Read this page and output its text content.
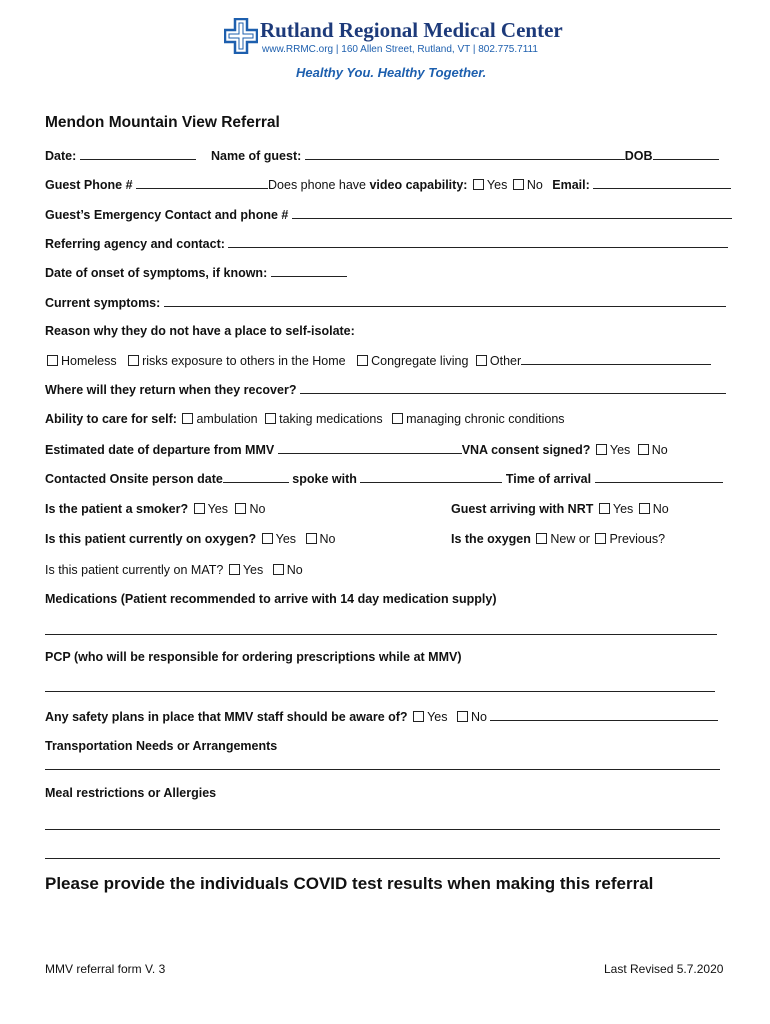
Rutland Regional Medical Center
www.RRMC.org | 160 Allen Street, Rutland, VT | 802.775.7111
Healthy You. Healthy Together.
Mendon Mountain View Referral
Date:	Name of guest:	DOB
Guest Phone #	Does phone have video capability: Yes No Email:
Guest’s Emergency Contact and phone #
Referring agency and contact:
Date of onset of symptoms, if known:
Current symptoms:
Reason why they do not have a place to self-isolate:
Homeless risks exposure to others in the Home Congregate living Other
Where will they return when they recover?
Ability to care for self: ambulation taking medications managing chronic conditions
Estimated date of departure from MMV	VNA consent signed? Yes No
Contacted Onsite person date	spoke with	Time of arrival
Is the patient a smoker? Yes No	Guest arriving with NRT Yes No
Is this patient currently on oxygen? Yes No	Is the oxygen New or Previous?
Is this patient currently on MAT? Yes No
Medications (Patient recommended to arrive with 14 day medication supply)
PCP (who will be responsible for ordering prescriptions while at MMV)
Any safety plans in place that MMV staff should be aware of? Yes No
Transportation Needs or Arrangements
Meal restrictions or Allergies
Please provide the individuals COVID test results when making this referral
MMV referral form V. 3	Last Revised 5.7.2020
